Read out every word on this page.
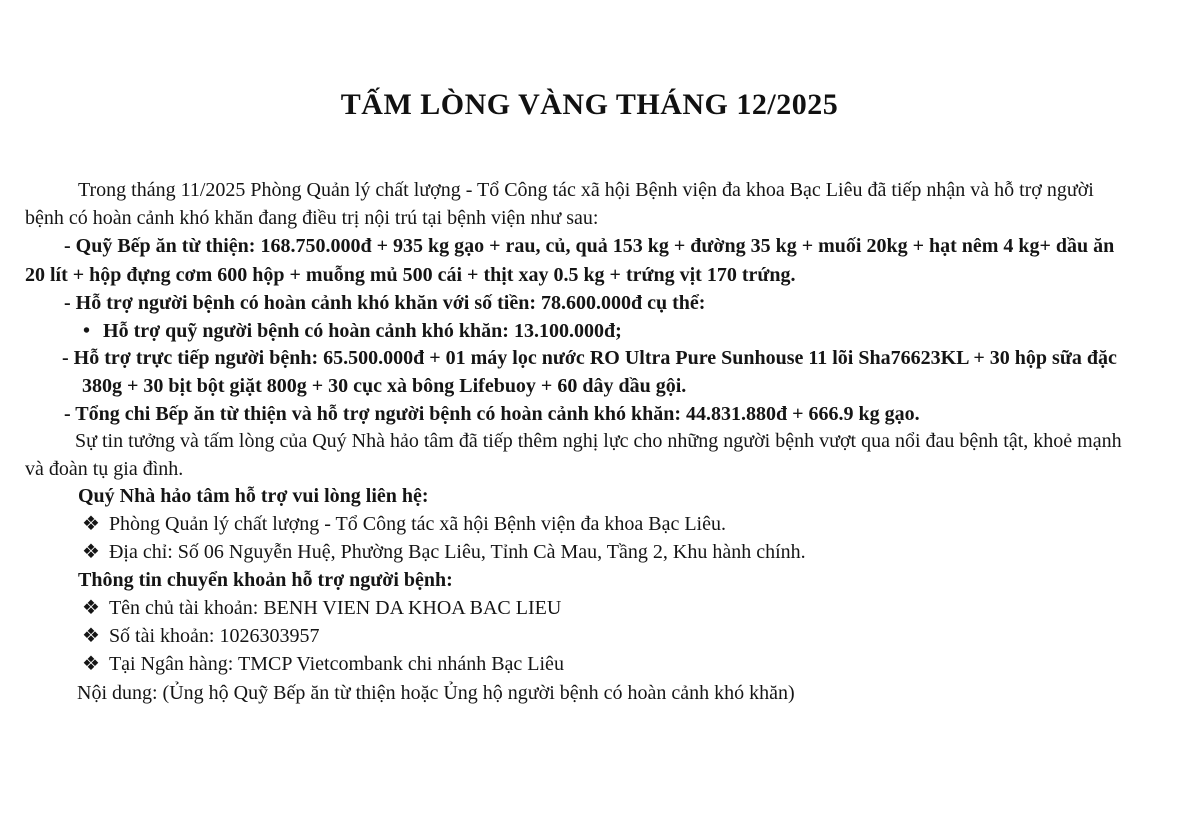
TẤM LÒNG VÀNG THÁNG 12/2025
Trong tháng 11/2025 Phòng Quản lý chất lượng - Tổ Công tác xã hội Bệnh viện đa khoa Bạc Liêu đã tiếp nhận và hỗ trợ người
bệnh có hoàn cảnh khó khăn đang điều trị nội trú tại bệnh viện như sau:
- Quỹ Bếp ăn từ thiện: 168.750.000đ + 935 kg gạo + rau, củ, quả 153 kg + đường 35 kg + muối 20kg + hạt nêm 4 kg+ dầu ăn
20 lít + hộp đựng cơm 600 hộp + muỗng mủ 500 cái + thịt xay 0.5 kg + trứng vịt 170 trứng.
- Hỗ trợ người bệnh có hoàn cảnh khó khăn với số tiền: 78.600.000đ cụ thể:
• Hỗ trợ quỹ người bệnh có hoàn cảnh khó khăn: 13.100.000đ;
- Hỗ trợ trực tiếp người bệnh: 65.500.000đ + 01 máy lọc nước RO Ultra Pure Sunhouse 11 lõi Sha76623KL + 30 hộp sữa đặc
380g + 30 bịt bột giặt 800g + 30 cục xà bông Lifebuoy + 60 dây dầu gội.
- Tổng chi Bếp ăn từ thiện và hỗ trợ người bệnh có hoàn cảnh khó khăn: 44.831.880đ + 666.9 kg gạo.
Sự tin tưởng và tấm lòng của Quý Nhà hảo tâm đã tiếp thêm nghị lực cho những người bệnh vượt qua nổi đau bệnh tật, khoẻ mạnh
và đoàn tụ gia đình.
Quý Nhà hảo tâm hỗ trợ vui lòng liên hệ:
❖ Phòng Quản lý chất lượng - Tổ Công tác xã hội Bệnh viện đa khoa Bạc Liêu.
❖ Địa chỉ: Số 06 Nguyễn Huệ, Phường Bạc Liêu, Tỉnh Cà Mau, Tầng 2, Khu hành chính.
Thông tin chuyển khoản hỗ trợ người bệnh:
❖ Tên chủ tài khoản: BENH VIEN DA KHOA BAC LIEU
❖ Số tài khoản: 1026303957
❖ Tại Ngân hàng: TMCP Vietcombank chi nhánh Bạc Liêu
Nội dung: (Ủng hộ Quỹ Bếp ăn từ thiện hoặc Ủng hộ người bệnh có hoàn cảnh khó khăn)
